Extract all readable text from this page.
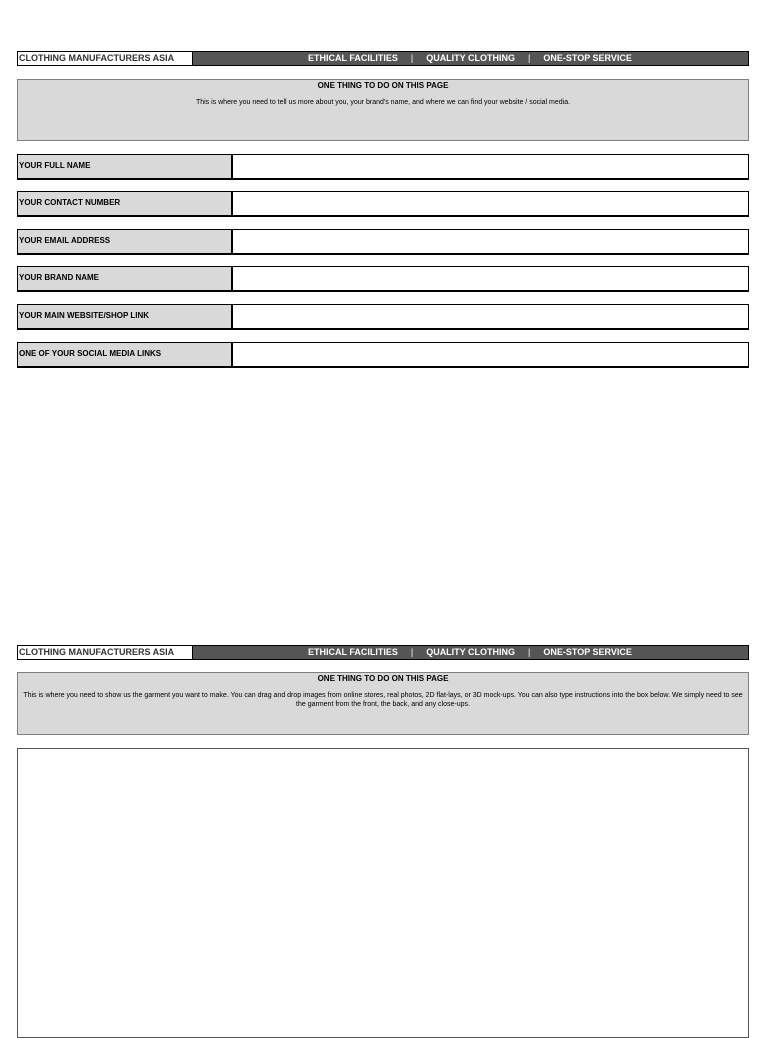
CLOTHING MANUFACTURERS ASIA	ETHICAL FACILITIES | QUALITY CLOTHING | ONE-STOP SERVICE
ONE THING TO DO ON THIS PAGE
This is where you need to tell us more about you, your brand's name, and where we can find your website / social media.
YOUR FULL NAME
YOUR CONTACT NUMBER
YOUR EMAIL ADDRESS
YOUR BRAND NAME
YOUR MAIN WEBSITE/SHOP LINK
ONE OF YOUR SOCIAL MEDIA LINKS
CLOTHING MANUFACTURERS ASIA	ETHICAL FACILITIES | QUALITY CLOTHING | ONE-STOP SERVICE
ONE THING TO DO ON THIS PAGE
This is where you need to show us the garment you want to make. You can drag and drop images from online stores, real photos, 2D flat-lays, or 3D mock-ups. You can also type instructions into the box below. We simply need to see the garment from the front, the back, and any close-ups.
